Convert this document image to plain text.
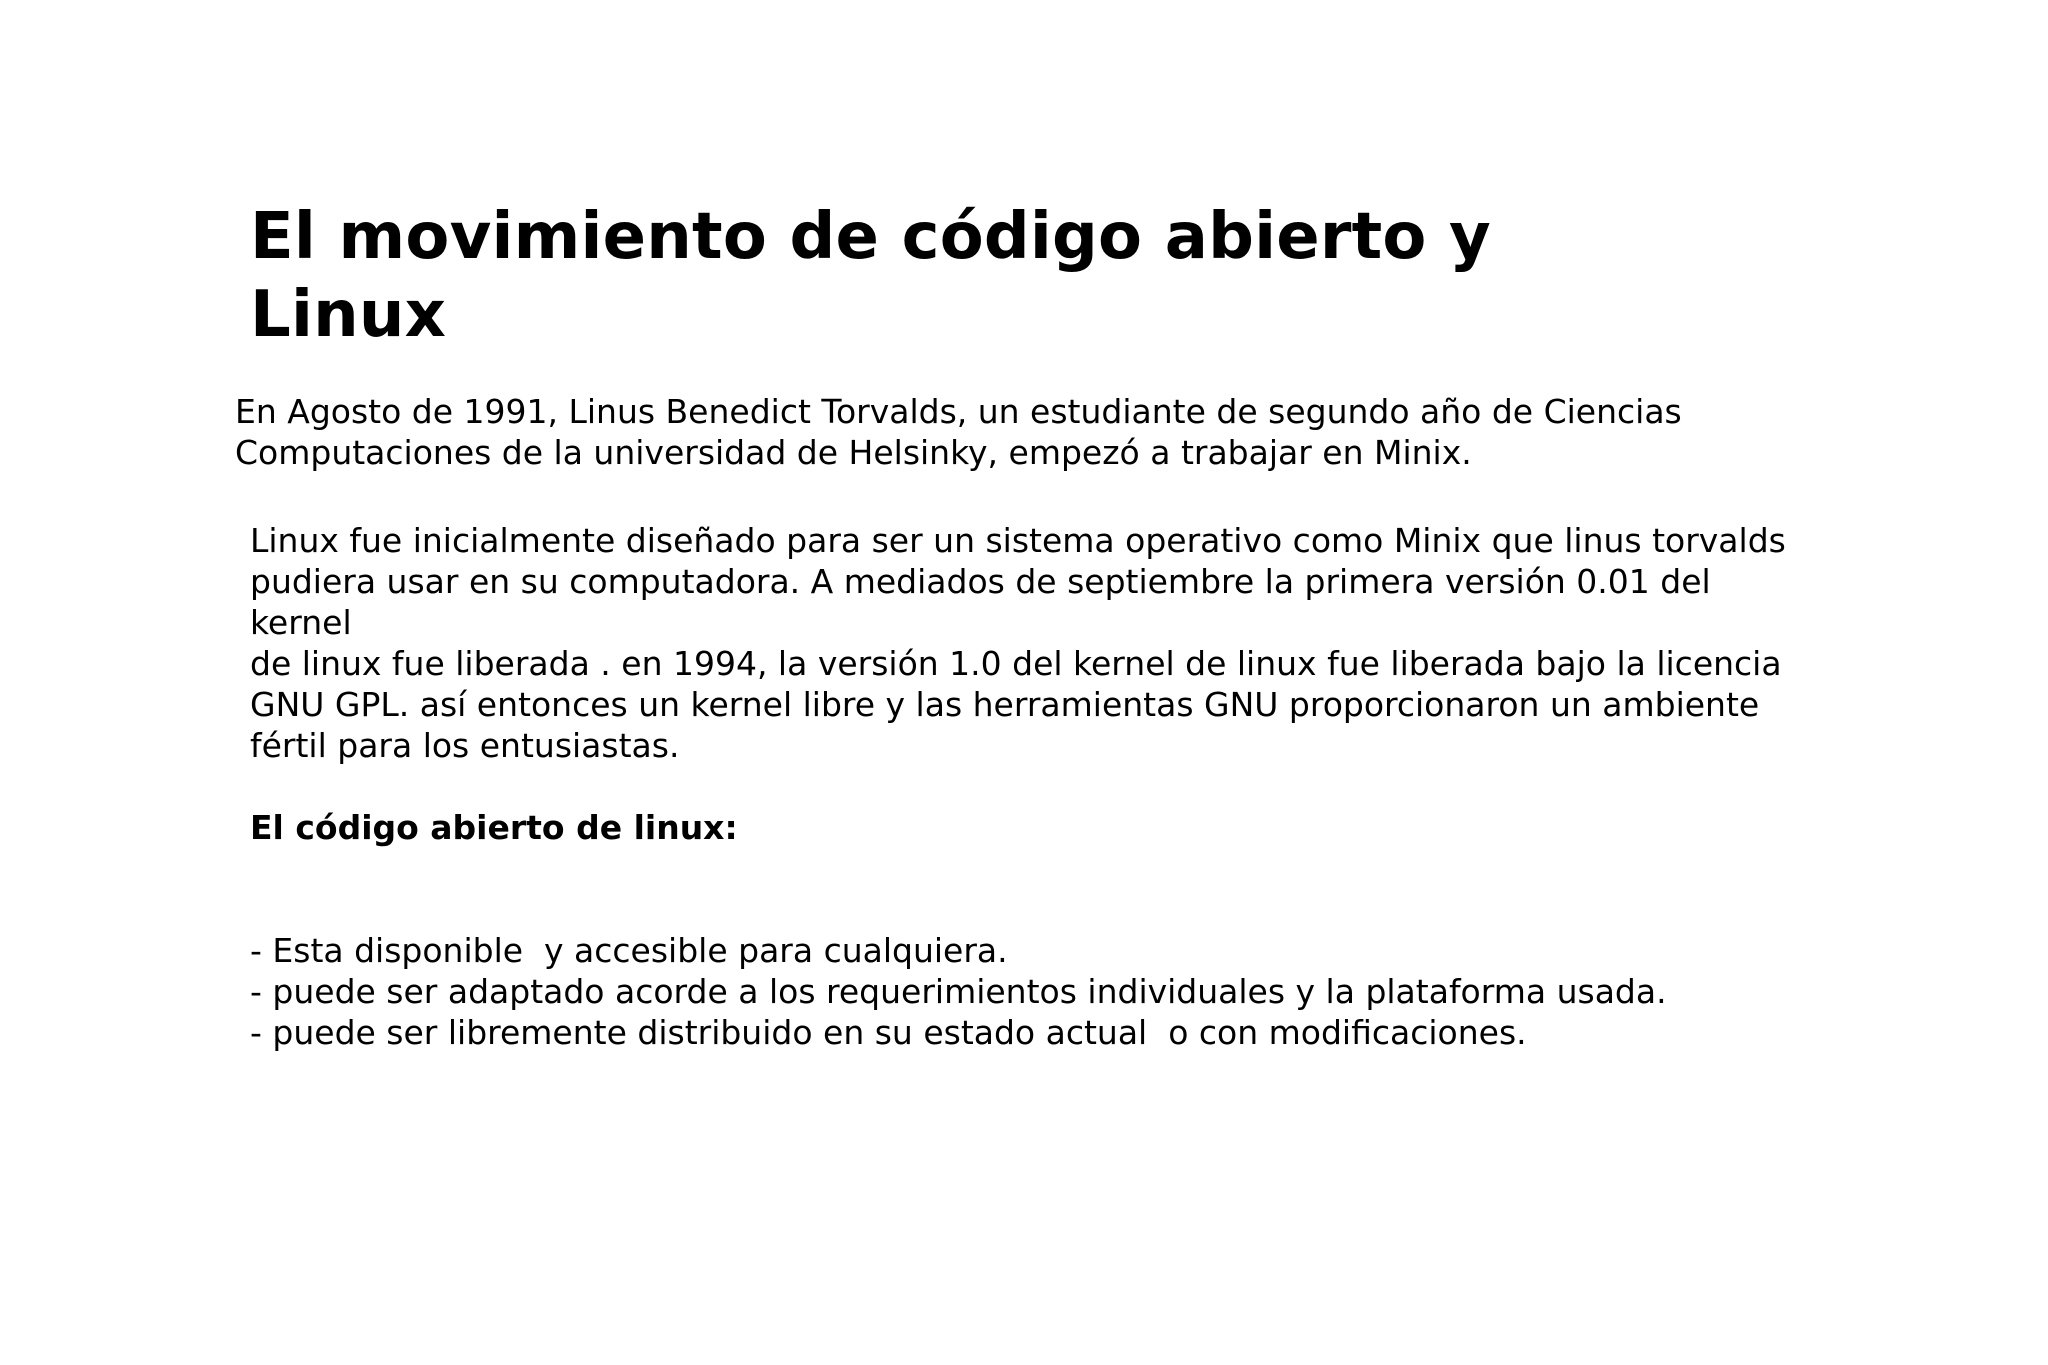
El movimiento de código abierto y
Linux

En Agosto de 1991, Linus Benedict Torvalds, un estudiante de segundo año de Ciencias
Computaciones de la universidad de Helsinky, empezó a trabajar en Minix.

Linux fue inicialmente diseñado para ser un sistema operativo como Minix que linus torvalds
pudiera usar en su computadora. A mediados de septiembre la primera versión 0.01 del kernel
de linux fue liberada . en 1994, la versión 1.0 del kernel de linux fue liberada bajo la licencia
GNU GPL. así entonces un kernel libre y las herramientas GNU proporcionaron un ambiente
fértil para los entusiastas.

El código abierto de linux:

- Esta disponible  y accesible para cualquiera.
- puede ser adaptado acorde a los requerimientos individuales y la plataforma usada.
- puede ser libremente distribuido en su estado actual  o con modificaciones.
